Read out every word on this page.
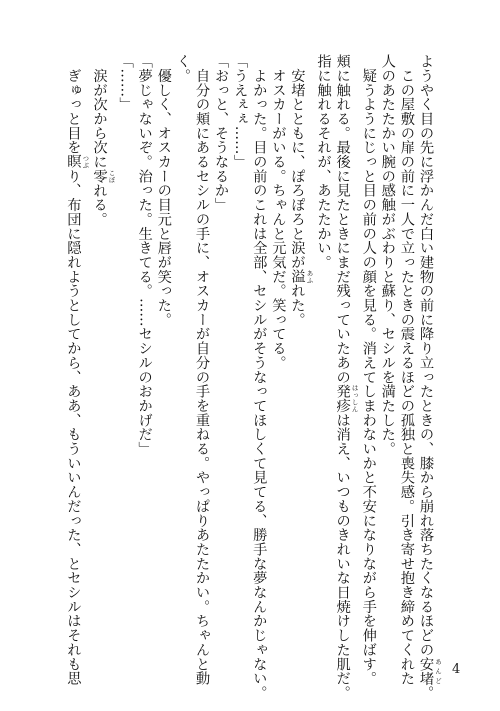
ようやく目の先に浮かんだ白い建物の前に降り立ったときの、膝から崩れ落ちたくなるほどの安堵 あんど。
　この屋敷の扉の前に一人で立ったときの震えるほどの孤独と喪失感。引き寄せ抱き締めてくれた
人のあたたかい腕の感触がぶわりと蘇り、セシルを満たした。
　疑うようにじっと目の前の人の顔を見る。消えてしまわないかと不安になりながら手を伸ばす。
頬に触れる。最後に見たときにまだ残っていたあの発疹 はっしんは消え、いつものきれいな日焼けした肌だ。
指に触れるそれが、あたたかい。
　安堵とともに、ぽろぽろと涙が溢 あふれた。
　オスカーがいる。ちゃんと元気だ。笑ってる。
　よかった。目の前のこれは全部、セシルがそうなってほしくて見てる、勝手な夢なんかじゃない。
「うえぇぇ……」
「おっと、そうなるか」
　自分の頬にあるセシルの手に、オスカーが自分の手を重ねる。やっぱりあたたかい。ちゃんと動
く。
　優しく、オスカーの目元と唇が笑った。
「夢じゃないぞ。治った。生きてる。……セシルのおかげだ」
「……」
　涙が次から次に零 こぼれる。
　ぎゅっと目を瞑 つぶり、布団に隠れようとしてから、ああ、もういいんだった、とセシルはそれも思	4
